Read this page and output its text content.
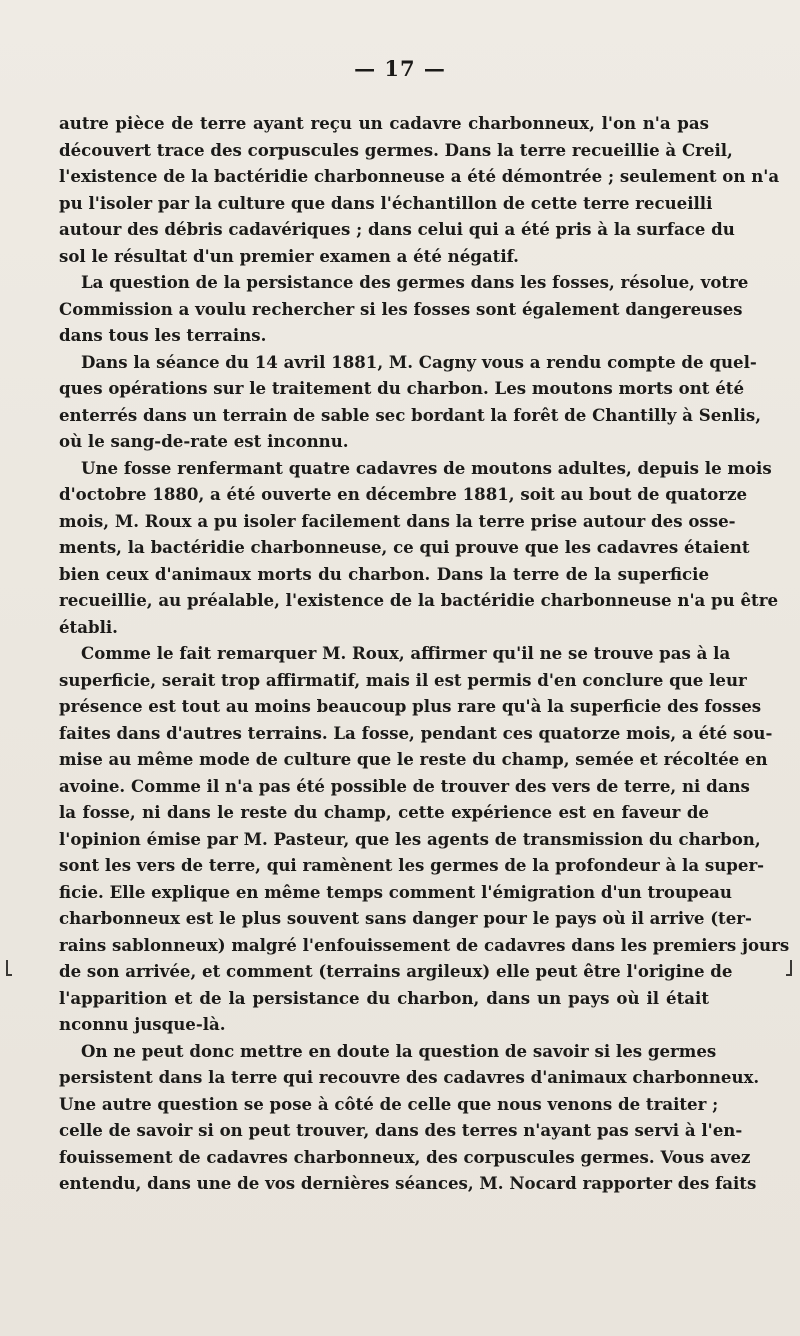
— 17 —
autre pièce de terre ayant reçu un cadavre charbonneux, l'on n'a pas
découvert trace des corpuscules germes. Dans la terre recueillie à Creil,
l'existence de la bactéridie charbonneuse a été démontrée ; seulement on n'a
pu l'isoler par la culture que dans l'échantillon de cette terre recueilli
autour des débris cadavériques ; dans celui qui a été pris à la surface du
sol le résultat d'un premier examen a été négatif.
La question de la persistance des germes dans les fosses, résolue, votre
Commission a voulu rechercher si les fosses sont également dangereuses
dans tous les terrains.
Dans la séance du 14 avril 1881, M. Cagny vous a rendu compte de quel-
ques opérations sur le traitement du charbon. Les moutons morts ont été
enterrés dans un terrain de sable sec bordant la forêt de Chantilly à Senlis,
où le sang-de-rate est inconnu.
Une fosse renfermant quatre cadavres de moutons adultes, depuis le mois
d'octobre 1880, a été ouverte en décembre 1881, soit au bout de quatorze
mois, M. Roux a pu isoler facilement dans la terre prise autour des osse-
ments, la bactéridie charbonneuse, ce qui prouve que les cadavres étaient
bien ceux d'animaux morts du charbon. Dans la terre de la superficie
recueillie, au préalable, l'existence de la bactéridie charbonneuse n'a pu être
établi.
Comme le fait remarquer M. Roux, affirmer qu'il ne se trouve pas à la
superficie, serait trop affirmatif, mais il est permis d'en conclure que leur
présence est tout au moins beaucoup plus rare qu'à la superficie des fosses
faites dans d'autres terrains. La fosse, pendant ces quatorze mois, a été sou-
mise au même mode de culture que le reste du champ, semée et récoltée en
avoine. Comme il n'a pas été possible de trouver des vers de terre, ni dans
la fosse, ni dans le reste du champ, cette expérience est en faveur de
l'opinion émise par M. Pasteur, que les agents de transmission du charbon,
sont les vers de terre, qui ramènent les germes de la profondeur à la super-
ficie. Elle explique en même temps comment l'émigration d'un troupeau
charbonneux est le plus souvent sans danger pour le pays où il arrive (ter-
rains sablonneux) malgré l'enfouissement de cadavres dans les premiers jours
de son arrivée, et comment (terrains argileux) elle peut être l'origine de
l'apparition et de la persistance du charbon, dans un pays où il était
nconnu jusque-là.
On ne peut donc mettre en doute la question de savoir si les germes
persistent dans la terre qui recouvre des cadavres d'animaux charbonneux.
Une autre question se pose à côté de celle que nous venons de traiter ;
celle de savoir si on peut trouver, dans des terres n'ayant pas servi à l'en-
fouissement de cadavres charbonneux, des corpuscules germes. Vous avez
entendu, dans une de vos dernières séances, M. Nocard rapporter des faits
